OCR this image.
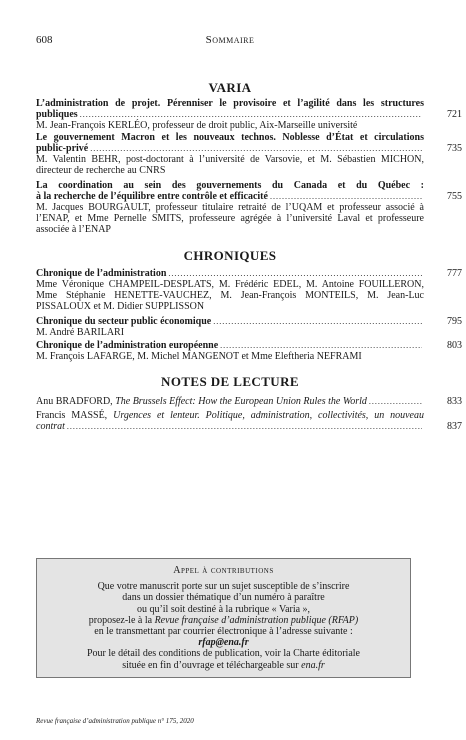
608	Sommaire
VARIA
L’administration de projet. Pérenniser le provisoire et l’agilité dans les structures
publiques .....	721
M. Jean-François KERLÉO, professeur de droit public, Aix-Marseille université
Le gouvernement Macron et les nouveaux technos. Noblesse d’État et circulations
public-privé .....	735
M. Valentin BEHR, post-doctorant à l’université de Varsovie, et M. Sébastien MICHON, directeur de recherche au CNRS
La coordination au sein des gouvernements du Canada et du Québec :
à la recherche de l’équilibre entre contrôle et efficacité .....	755
M. Jacques BOURGAULT, professeur titulaire retraité de l’UQAM et professeur associé à l’ENAP, et Mme Pernelle SMITS, professeure agrégée à l’université Laval et professeure associée à l’ENAP
CHRONIQUES
Chronique de l’administration .....	777
Mme Véronique CHAMPEIL-DESPLATS, M. Frédéric EDEL, M. Antoine FOUILLERON, Mme Stéphanie HENETTE-VAUCHEZ, M. Jean-François MONTEILS, M. Jean-Luc PISSALOUX et M. Didier SUPPLISSON
Chronique du secteur public économique .....	795
M. André BARILARI
Chronique de l’administration européenne .....	803
M. François LAFARGE, M. Michel MANGENOT et Mme Eleftheria NEFRAMI
NOTES DE LECTURE
Anu BRADFORD, The Brussels Effect: How the European Union Rules the World .....	833
Francis MASSÉ, Urgences et lenteur. Politique, administration, collectivités, un nouveau
contrat .....	837
Appel à contributions
Que votre manuscrit porte sur un sujet susceptible de s’inscrire
dans un dossier thématique d’un numéro à paraître
ou qu’il soit destiné à la rubrique « Varia »,
proposez-le à la Revue française d’administration publique (RFAP)
en le transmettant par courrier électronique à l’adresse suivante :
rfap@ena.fr
Pour le détail des conditions de publication, voir la Charte éditoriale
située en fin d’ouvrage et téléchargeable sur ena.fr
Revue française d’administration publique n° 175, 2020
